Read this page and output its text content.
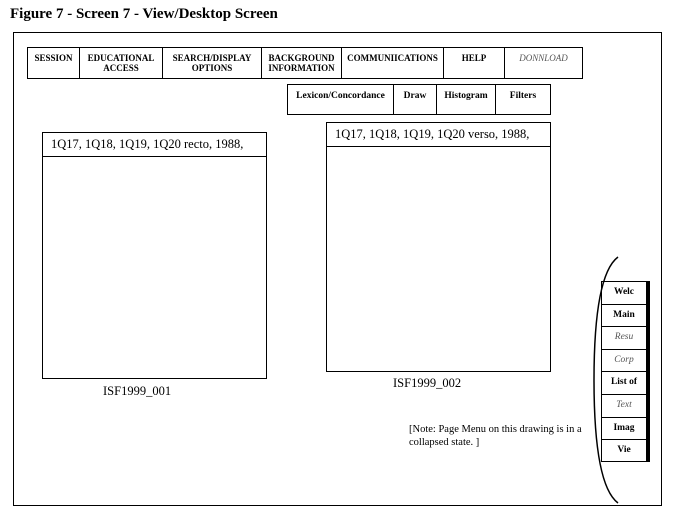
Figure 7 - Screen 7 - View/Desktop Screen
SESSION	EDUCATIONAL
ACCESS
SEARCH/DISPLAY
OPTIONS
BACKGROUND
INFORMATION
COMMUNIICATIONS	HELP	DONNLOAD
Lexicon/Concordance	Draw	Histogram	Filters
1Q17, 1Q18, 1Q19, 1Q20 recto, 1988,
ISF1999_001
1Q17, 1Q18, 1Q19, 1Q20 verso, 1988,
ISF1999_002
[Note: Page Menu on this drawing is in a collapsed state. ]
Welc
Main
Resu
Corp
List of
Text
Imag
Vie
